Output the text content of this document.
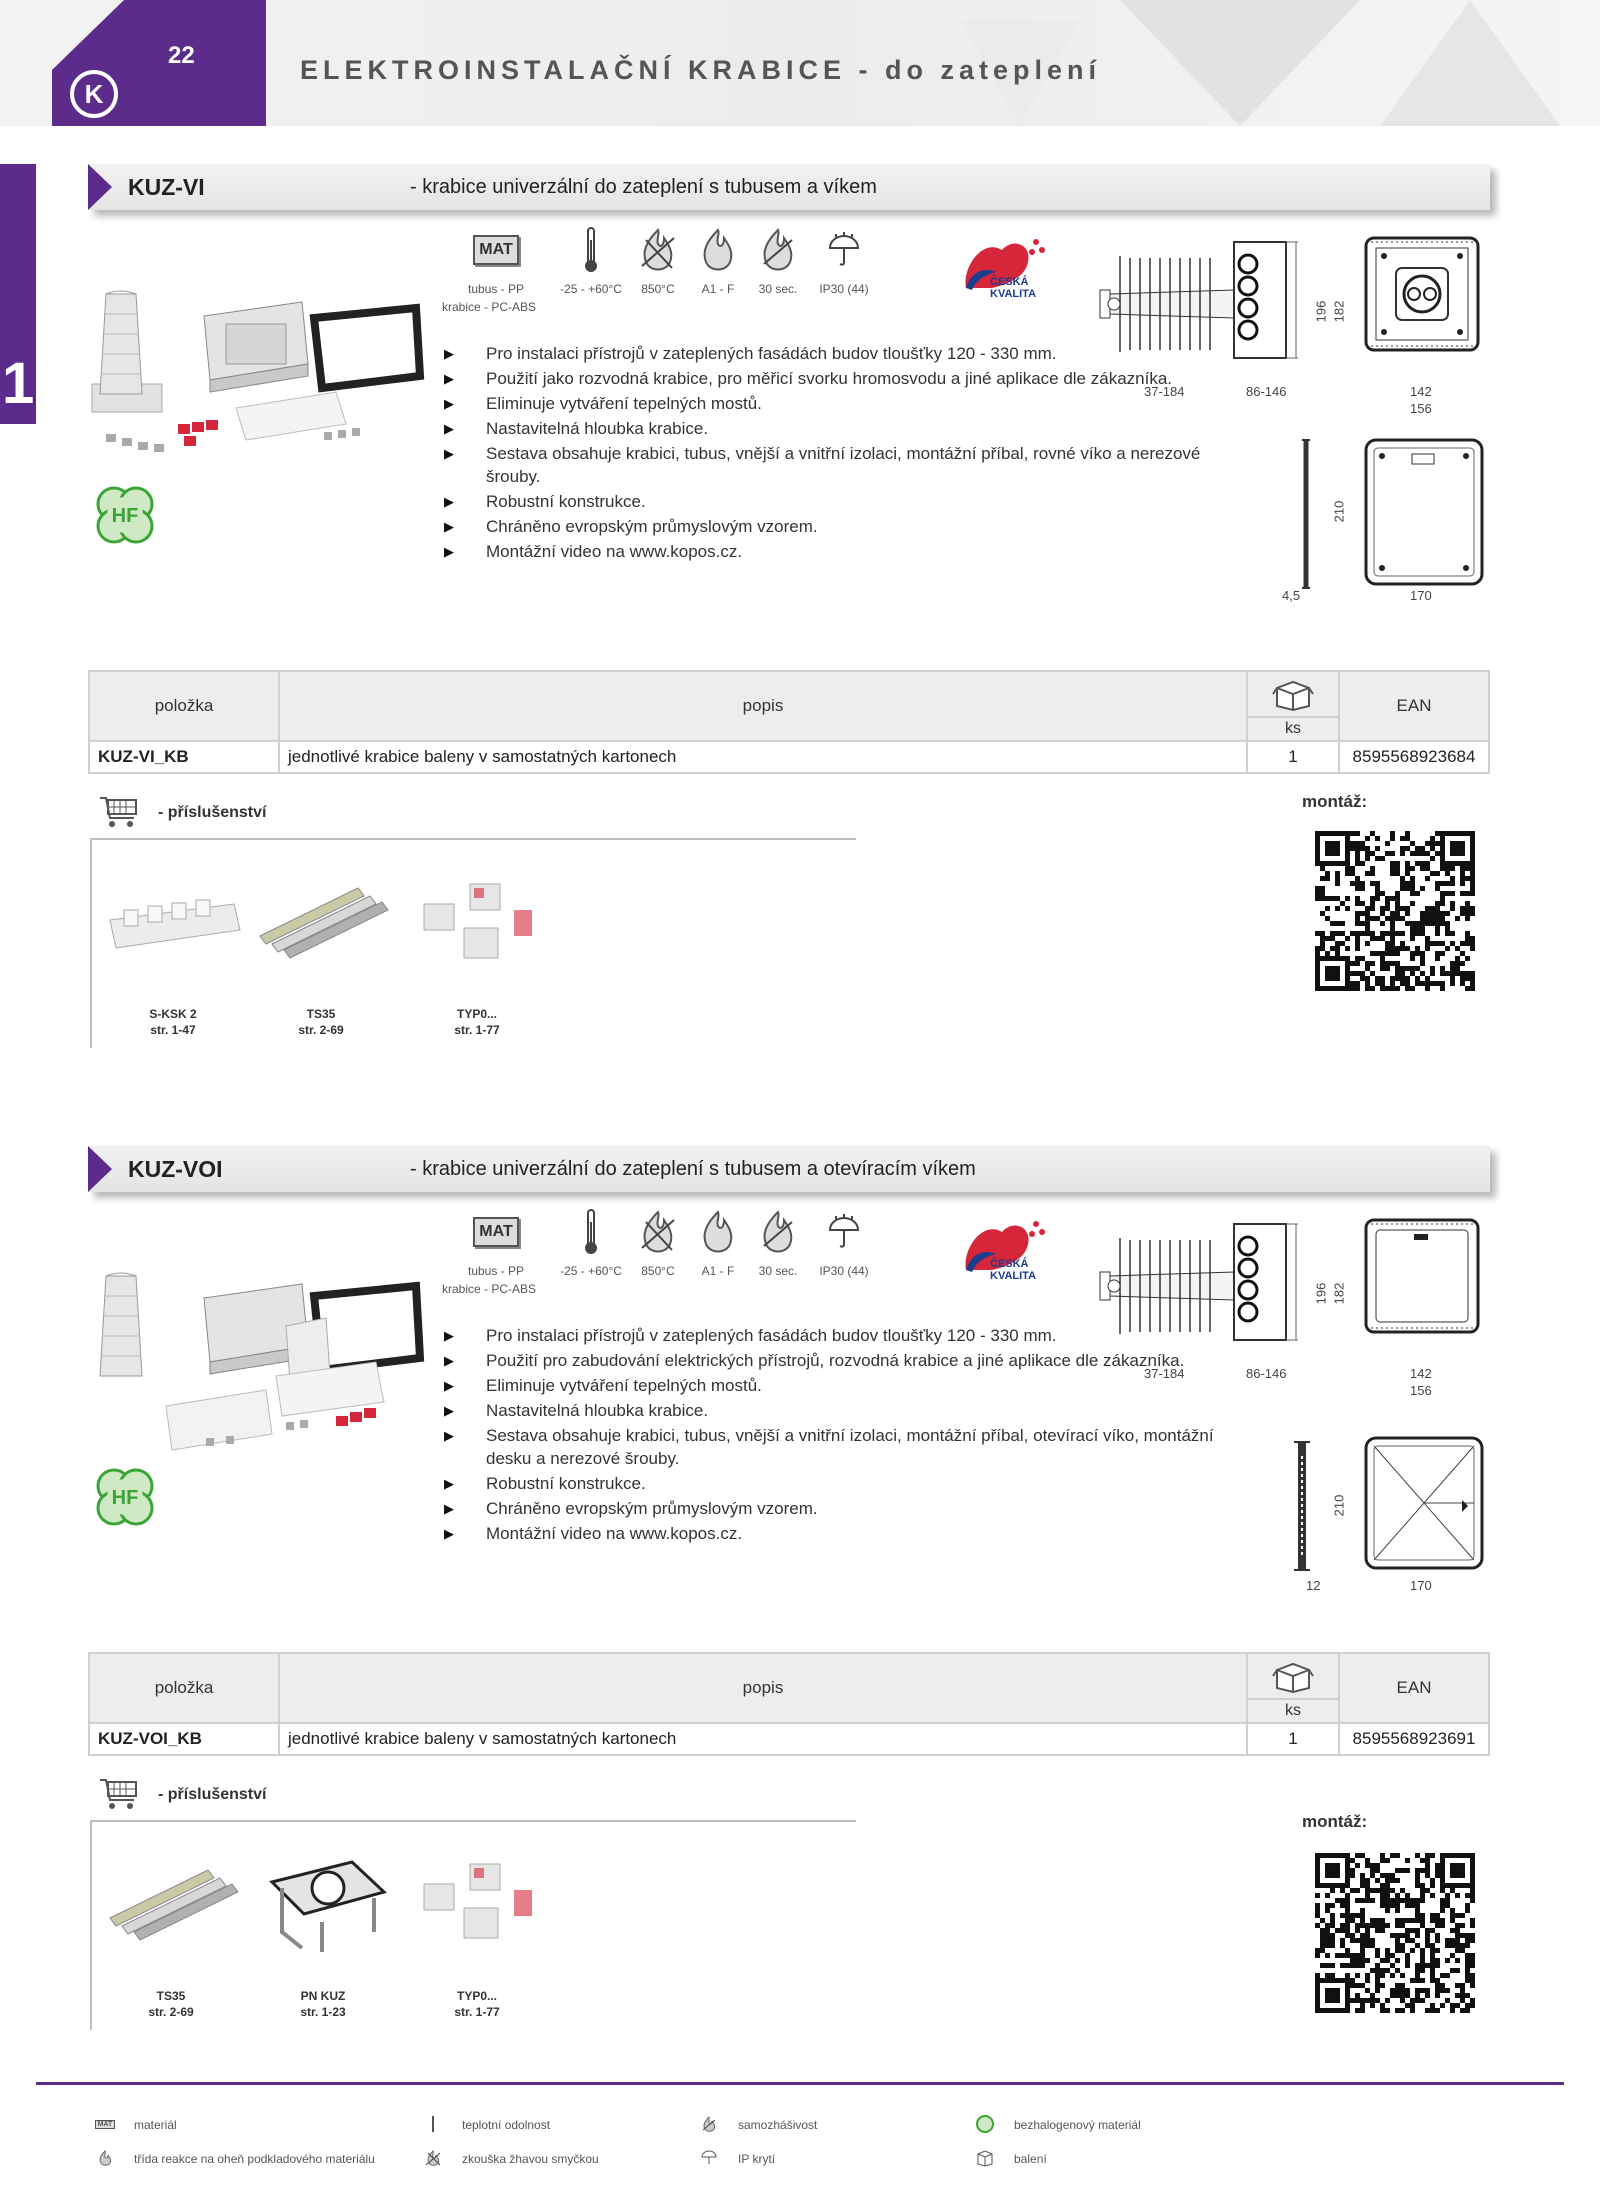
22
K
ELEKTROINSTALAČNÍ KRABICE - do zateplení
1
KUZ-VI	- krabice univerzální do zateplení s tubusem a víkem
MAT
tubus - PP
krabice - PC-ABS
-25 - +60°C	850°C	A1 - F	30 sec.	IP30 (44)	ČESKÁ
KVALITA
HF
▶ Pro instalaci přístrojů v zateplených fasádách budov tloušťky 120 - 330 mm.
▶ Použití jako rozvodná krabice, pro měřicí svorku hromosvodu a jiné aplikace dle zákazníka.
▶ Eliminuje vytváření tepelných mostů.
▶ Nastavitelná hloubka krabice.
▶ Sestava obsahuje krabici, tubus, vnější a vnitřní izolaci, montážní příbal, rovné víko a nerezové šrouby.
▶ Robustní konstrukce.
▶ Chráněno evropským průmyslovým vzorem.
▶ Montážní video na www.kopos.cz.
37-184	86-146
196 182
142
156
210
4,5	170
položka	popis	ks	EAN
KUZ-VI_KB	jednotlivé krabice baleny v samostatných kartonech	1	8595568923684
- příslušenství
S-KSK 2
str. 1-47
TS35
str. 2-69
TYP0...
str. 1-77
montáž:
KUZ-VOI	- krabice univerzální do zateplení s tubusem a otevíracím víkem
MAT
tubus - PP
krabice - PC-ABS
-25 - +60°C	850°C	A1 - F	30 sec.	IP30 (44)	ČESKÁ
KVALITA
HF
▶ Pro instalaci přístrojů v zateplených fasádách budov tloušťky 120 - 330 mm.
▶ Použití pro zabudování elektrických přístrojů, rozvodná krabice a jiné aplikace dle zákazníka.
▶ Eliminuje vytváření tepelných mostů.
▶ Nastavitelná hloubka krabice.
▶ Sestava obsahuje krabici, tubus, vnější a vnitřní izolaci, montážní příbal, otevírací víko, montážní desku a nerezové šrouby.
▶ Robustní konstrukce.
▶ Chráněno evropským průmyslovým vzorem.
▶ Montážní video na www.kopos.cz.
37-184	86-146
196 182
142
156
210
12	170
položka	popis	ks	EAN
KUZ-VOI_KB	jednotlivé krabice baleny v samostatných kartonech	1	8595568923691
- příslušenství
TS35
str. 2-69
PN KUZ
str. 1-23
TYP0...
str. 1-77
montáž:
MAT materiál	teplotní odolnost	samozhášivost	bezhalogenový materiál
třída reakce na oheň podkladového materiálu	zkouška žhavou smyčkou	IP krytí	balení
